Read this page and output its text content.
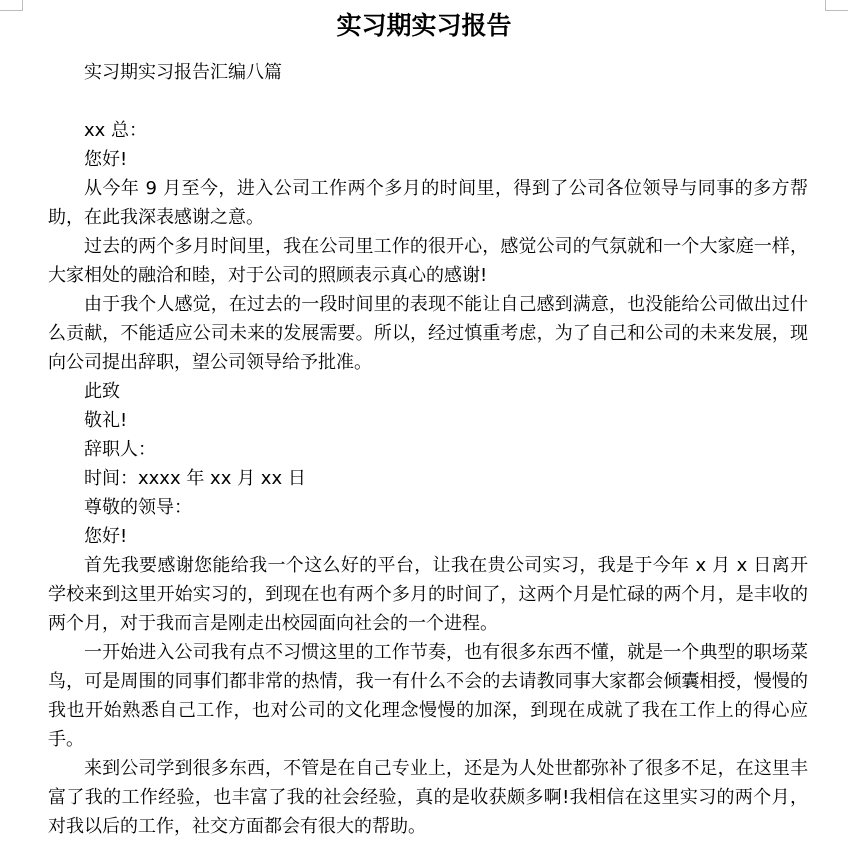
实习期实习报告

实习期实习报告汇编八篇

xx 总：

您好!

从今年 9 月至今，进入公司工作两个多月的时间里，得到了公司各位领导与同事的多方帮助，在此我深表感谢之意。

过去的两个多月时间里，我在公司里工作的很开心，感觉公司的气氛就和一个大家庭一样，大家相处的融洽和睦，对于公司的照顾表示真心的感谢!

由于我个人感觉，在过去的一段时间里的表现不能让自己感到满意，也没能给公司做出过什么贡献，不能适应公司未来的发展需要。所以，经过慎重考虑，为了自己和公司的未来发展，现向公司提出辞职，望公司领导给予批准。

此致

敬礼!

辞职人：

时间：xxxx 年 xx 月 xx 日

尊敬的领导：

您好!

首先我要感谢您能给我一个这么好的平台，让我在贵公司实习，我是于今年 x 月 x 日离开学校来到这里开始实习的，到现在也有两个多月的时间了，这两个月是忙碌的两个月，是丰收的两个月，对于我而言是刚走出校园面向社会的一个进程。

一开始进入公司我有点不习惯这里的工作节奏，也有很多东西不懂，就是一个典型的职场菜鸟，可是周围的同事们都非常的热情，我一有什么不会的去请教同事大家都会倾囊相授，慢慢的我也开始熟悉自己工作，也对公司的文化理念慢慢的加深，到现在成就了我在工作上的得心应手。

来到公司学到很多东西，不管是在自己专业上，还是为人处世都弥补了很多不足，在这里丰富了我的工作经验，也丰富了我的社会经验，真的是收获颇多啊!我相信在这里实习的两个月，对我以后的工作，社交方面都会有很大的帮助。
